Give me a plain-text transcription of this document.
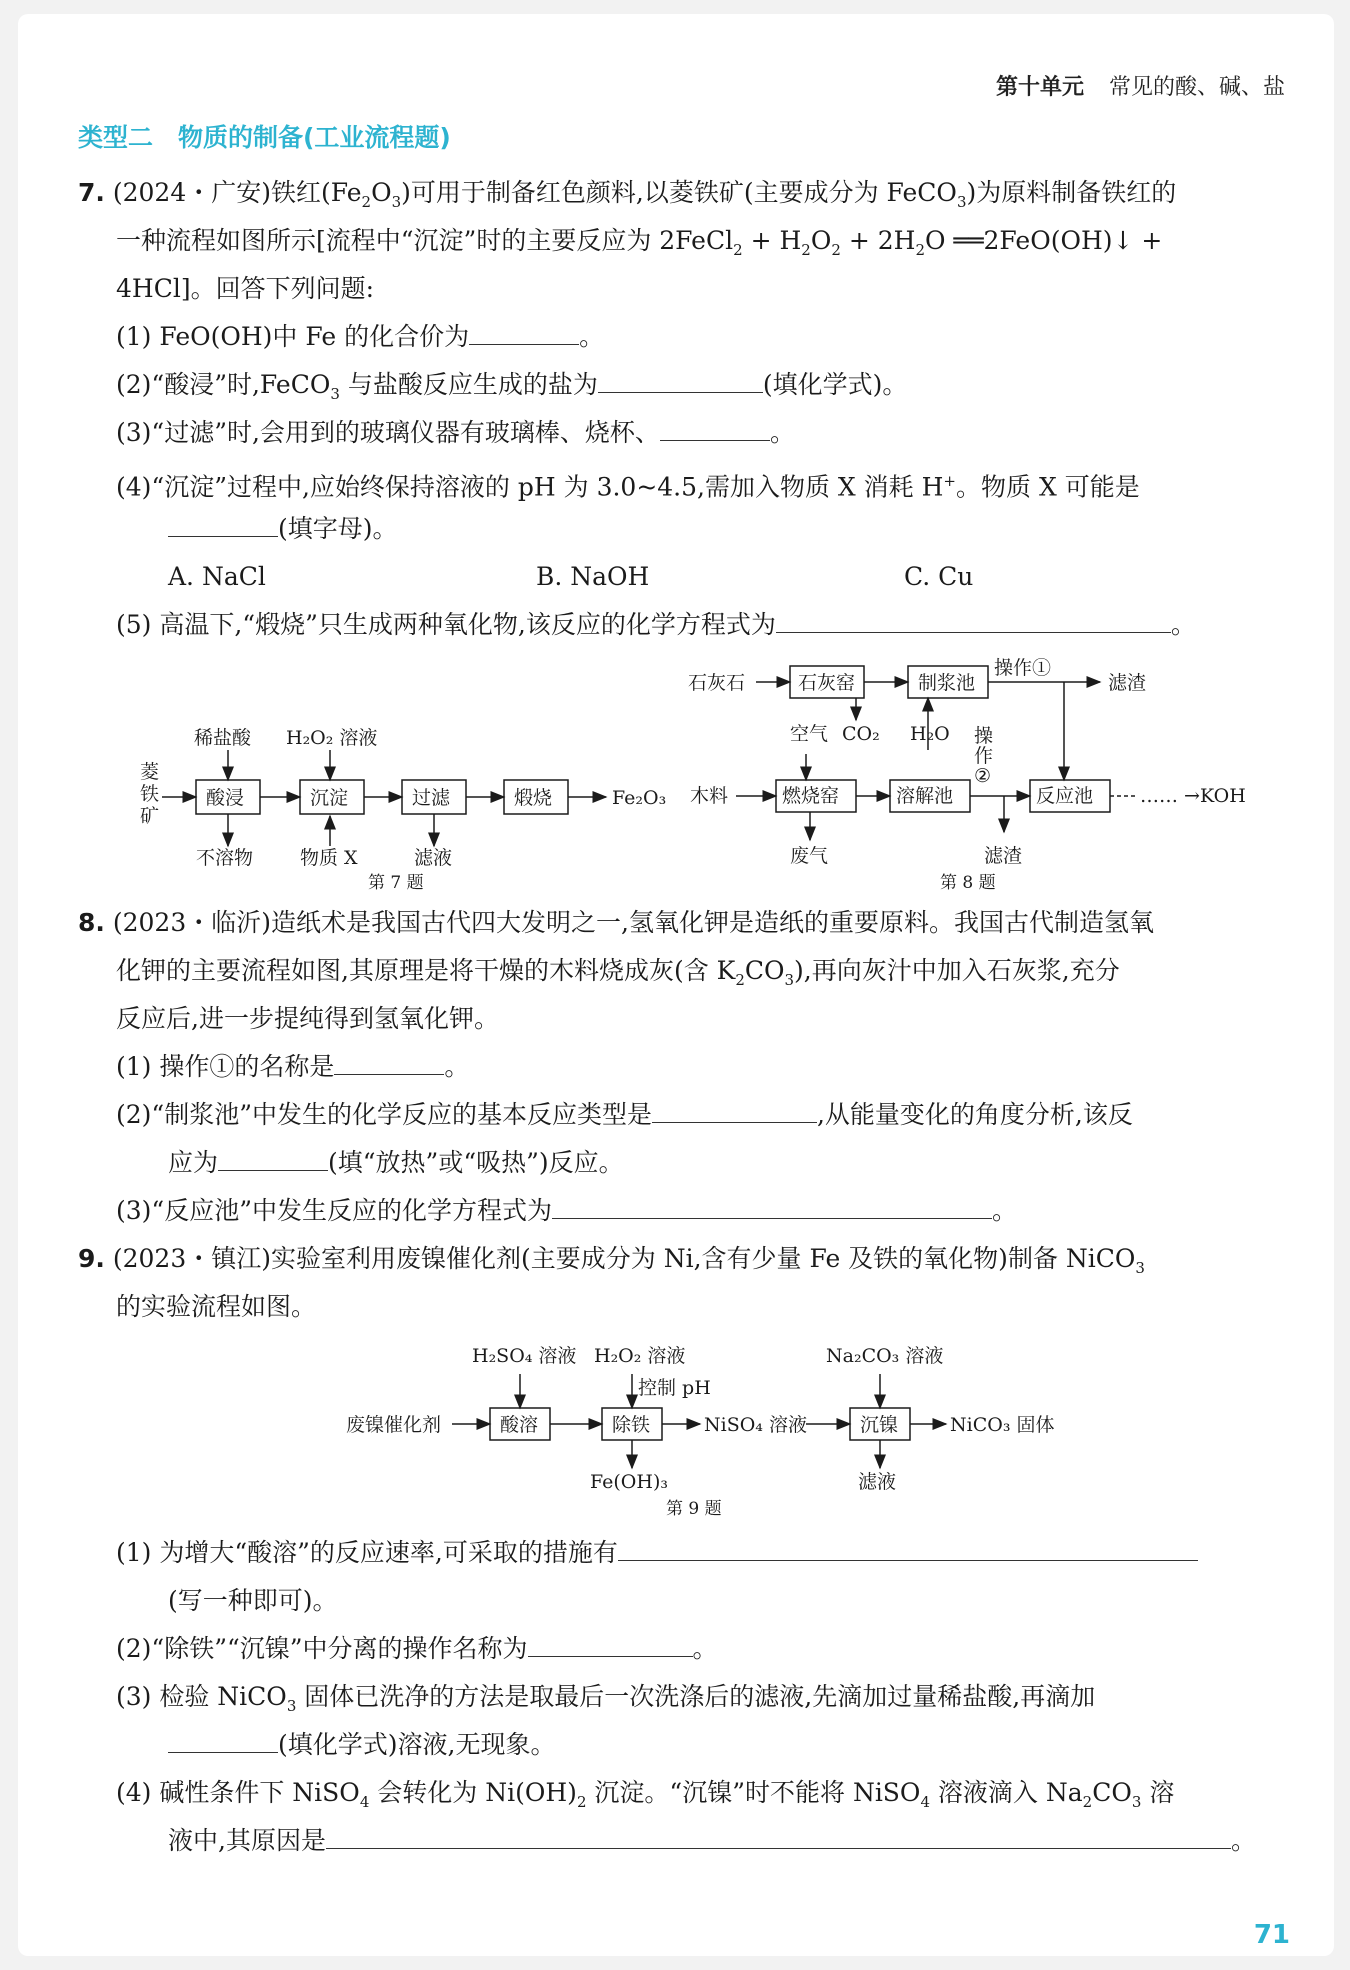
第十单元 常见的酸、碱、盐
类型二　物质的制备(工业流程题)
7. (2024・广安)铁红$(Fe_2O_3)$可用于制备红色颜料,以菱铁矿(主要成分为 FeCO$_3$)为原料制备铁红的
一种流程如图所示[流程中“沉淀”时的主要反应为 2FeCl$_2$ + $H_2O_2 + 2H_2O$ ══2FeO(OH)↓ +
4HCl]。回答下列问题:
(1) FeO(OH)中 Fe 的化合价为	。
(2)“酸浸”时,FeCO$_3$ 与盐酸反应生成的盐为	(填化学式)。
(3)“过滤”时,会用到的玻璃仪器有玻璃棒、烧杯、	。
(4)“沉淀”过程中,应始终保持溶液的 pH 为 3.0~4.5,需加入物质 X 消耗 H+。物质 X 可能是
(填字母)。
A. NaCl	B. NaOH	C. Cu
(5) 高温下,“煅烧”只生成两种氧化物,该反应的化学方程式为	。
稀盐酸 H₂O₂ 溶液
菱
铁
矿
酸浸	沉淀	过滤	煅烧	Fe₂O₃
不溶物 物质 X	滤液
第 7 题
石灰石	石灰窑	制浆池
操作①
滤渣
空气 CO₂ H₂O 操
作
②
木料	燃烧窑	溶解池	反应池 …… →KOH
废气	滤渣
第 8 题
8. (2023・临沂)造纸术是我国古代四大发明之一,氢氧化钾是造纸的重要原料。我国古代制造氢氧
化钾的主要流程如图,其原理是将干燥的木料烧成灰(含 $K_2CO_3$),再向灰汁中加入石灰浆,充分
反应后,进一步提纯得到氢氧化钾。
(1) 操作①的名称是	。
(2)“制浆池”中发生的化学反应的基本反应类型是	,从能量变化的角度分析,该反
应为	(填“放热”或“吸热”)反应。
(3)“反应池”中发生反应的化学方程式为	。
9. (2023・镇江)实验室利用废镍催化剂(主要成分为 Ni,含有少量 Fe 及铁的氧化物)制备 NiCO$_3$
的实验流程如图。
H₂SO₄ 溶液 H₂O₂ 溶液
控制 pH
Na₂CO₃ 溶液
废镍催化剂	酸溶	除铁	NiSO₄ 溶液	沉镍	NiCO₃ 固体
Fe(OH)₃	滤液
第 9 题
(1) 为增大“酸溶”的反应速率,可采取的措施有
(写一种即可)。
(2)“除铁”“沉镍”中分离的操作名称为	。
(3) 检验 NiCO$_3$ 固体已洗净的方法是取最后一次洗涤后的滤液,先滴加过量稀盐酸,再滴加
(填化学式)溶液,无现象。
(4) 碱性条件下 NiSO$_4$ 会转化为 $Ni(OH)_2$ 沉淀。“沉镍”时不能将 NiSO$_4$ 溶液滴入 $Na_2CO_3$ 溶
液中,其原因是	。
71
